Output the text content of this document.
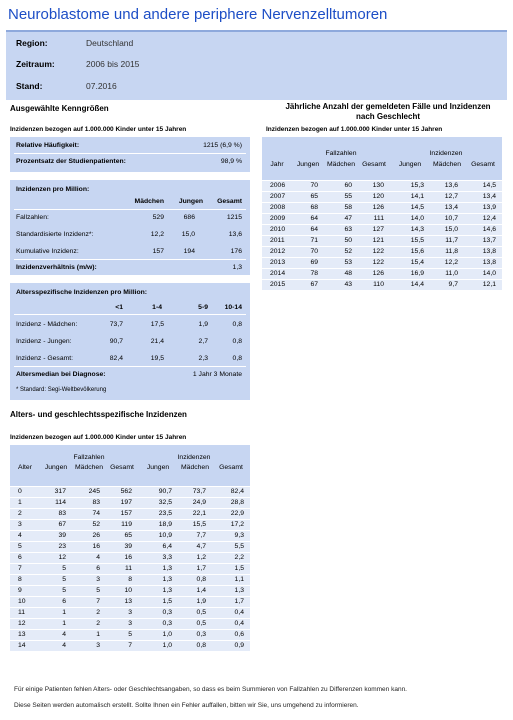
Neuroblastome und andere periphere Nervenzelltumoren
Region:	Deutschland
Zeitraum:	2006 bis 2015
Stand:	07.2016
Ausgewählte Kenngrößen
Inzidenzen bezogen auf 1.000.000 Kinder unter 15 Jahren
Relative Häufigkeit:	1215 (6,9 %)
Prozentsatz der Studienpatienten:	98,9 %
Inzidenzen pro Million:
Mädchen Jungen Gesamt
Fallzahlen:	529	686	1215
Standardisierte Inzidenz*:	12,2	15,0	13,6
Kumulative Inzidenz:	157	194	176
Inzidenzverhältnis (m/w):	1,3
Altersspezifische Inzidenzen pro Million:
<1	1-4	5-9 10-14
Inzidenz - Mädchen:	73,7	17,5	1,9	0,8
Inzidenz - Jungen:	90,7	21,4	2,7	0,8
Inzidenz - Gesamt:	82,4	19,5	2,3	0,8
Altersmedian bei Diagnose:	1 Jahr 3 Monate
* Standard: Segi-Weltbevölkerung
Jährliche Anzahl der gemeldeten Fälle und Inzidenzen
nach Geschlecht
Inzidenzen bezogen auf 1.000.000 Kinder unter 15 Jahren
	Fallzahlen			Inzidenzen		
Jahr	Jungen	Mädchen	Gesamt	Jungen	Mädchen	Gesamt

2006	70	60	130	15,3	13,6	14,5
2007	65	55	120	14,1	12,7	13,4
2008	68	58	126	14,5	13,4	13,9
2009	64	47	111	14,0	10,7	12,4
2010	64	63	127	14,3	15,0	14,6
2011	71	50	121	15,5	11,7	13,7
2012	70	52	122	15,6	11,8	13,8
2013	69	53	122	15,4	12,2	13,8
2014	78	48	126	16,9	11,0	14,0
2015	67	43	110	14,4	9,7	12,1
Alters- und geschlechtsspezifische Inzidenzen
Inzidenzen bezogen auf 1.000.000 Kinder unter 15 Jahren
	Fallzahlen			Inzidenzen		
Alter	Jungen	Mädchen	Gesamt	Jungen	Mädchen	Gesamt

0	317	245	562	90,7	73,7	82,4
1	114	83	197	32,5	24,9	28,8
2	83	74	157	23,5	22,1	22,9
3	67	52	119	18,9	15,5	17,2
4	39	26	65	10,9	7,7	9,3
5	23	16	39	6,4	4,7	5,5
6	12	4	16	3,3	1,2	2,2
7	5	6	11	1,3	1,7	1,5
8	5	3	8	1,3	0,8	1,1
9	5	5	10	1,3	1,4	1,3
10	6	7	13	1,5	1,9	1,7
11	1	2	3	0,3	0,5	0,4
12	1	2	3	0,3	0,5	0,4
13	4	1	5	1,0	0,3	0,6
14	4	3	7	1,0	0,8	0,9
Für einige Patienten fehlen Alters- oder Geschlechtsangaben, so dass es beim Summieren von Fallzahlen zu Differenzen kommen kann.
Diese Seiten werden automalisch erstellt. Sollte Ihnen ein Fehler auffallen, bitten wir Sie, uns umgehend zu informieren.
